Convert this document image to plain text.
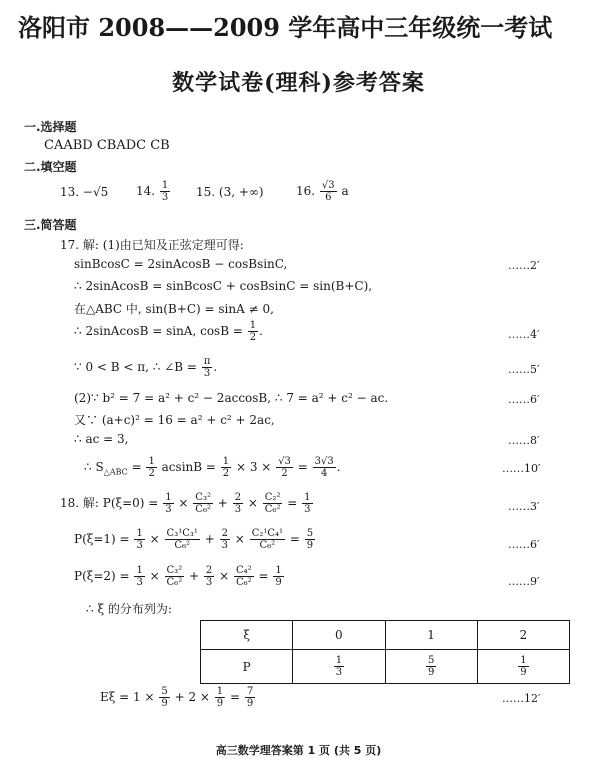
洛阳市 2008——2009 学年高中三年级统一考试
数学试卷(理科)参考答案
一.选择题
CAABD CBADC CB
二.填空题
13. −√5 14. $\frac{1}{3} 15$. (3, +∞)	16. $\frac{√3}{6}$ a
三.简答题
17. 解: (1)由已知及正弦定理可得:
sinBcosC = 2sinAcosB − cosBsinC,	……2′
∴ 2sinAcosB = sinBcosC + cosBsinC = sin(B+C),
在△ABC 中, sin(B+C) = sinA ≠ 0,
∴ 2sinAcosB = sinA, $\cos B = \frac{1}{2}$ .	……4′
∵ 0 < B < π, ∴ ∠B = $\frac{\pi}{3}$ .	……5′
(2)∵ b² = 7 = a² + c² − 2accosB, ∴ 7 = a² + c² − ac.	……6′
又∵ (a+c)² = 16 = a² + c² + 2ac,
∴ ac = 3,	……8′
∴ $S_{\triangle ABC} = \frac{1}{2}$ $acsinB = \frac{1}{2} \times 3 \times \frac{√3}{2} = \frac{3√3}{4}$ .	……10′
18. 解: $P(\xi=0) = \frac{1}{3} \times \frac{\text{C₃²}}{\text{C₆²}} + \frac{2}{3} \times \frac{\text{C₂²}}{\text{C₆²}} = \frac{1}{3}$	……3′
$P(\xi=1) = \frac{1}{3} \times \frac{\text{C₃¹C₃¹}}{\text{C₆²}} + \frac{2}{3} \times \frac{\text{C₂¹C₄¹}}{\text{C₆²}} = \frac{5}{9}$	……6′
$P(\xi=2) = \frac{1}{3} \times \frac{\text{C₃²}}{\text{C₆²}} + \frac{2}{3} \times \frac{\text{C₄²}}{\text{C₆²}} = \frac{1}{9}$	……9′
∴ ξ 的分布列为:
ξ	0	1	2
P	$\frac{1}{3}$	$\frac{5}{9}$	$\frac{1}{9}$
$E\xi = 1 \times \frac{5}{9} + 2 \times \frac{1}{9} = \frac{7}{9}$	……12′
高三数学理答案第 1 页 (共 5 页)
